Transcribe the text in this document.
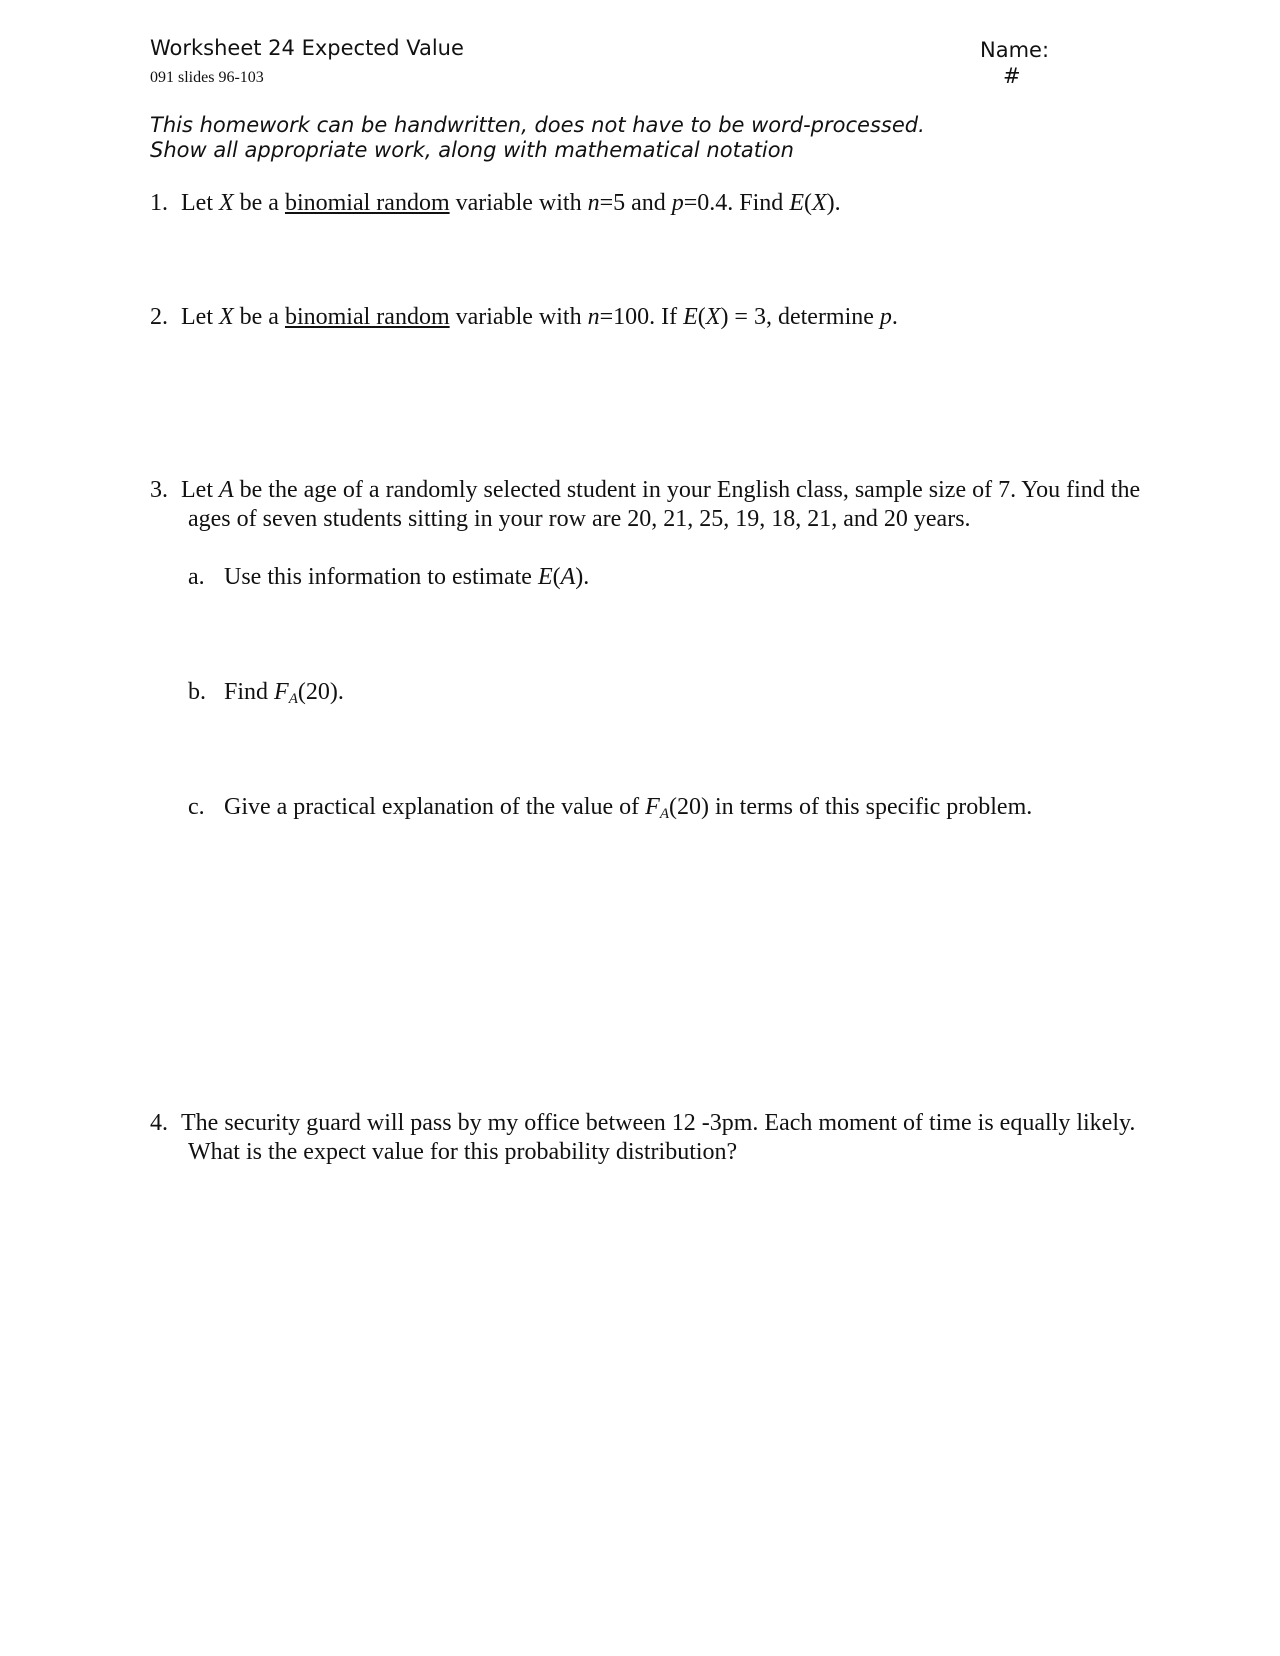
Worksheet 24 Expected Value
091 slides 96-103
Name:
#
This homework can be handwritten, does not have to be word-processed.
Show all appropriate work, along with mathematical notation
1. Let X be a binomial random variable with n=5 and p=0.4. Find E(X).
2. Let X be a binomial random variable with n=100. If E(X) = 3, determine p.
3. Let A be the age of a randomly selected student in your English class, sample size of 7. You find the
ages of seven students sitting in your row are 20, 21, 25, 19, 18, 21, and 20 years.
a. Use this information to estimate E(A).
b. Find $F_A(20)$.
c. Give a practical explanation of the value of $F_A(20)$ in terms of this specific problem.
4. The security guard will pass by my office between 12 -3pm. Each moment of time is equally likely.
What is the expect value for this probability distribution?
